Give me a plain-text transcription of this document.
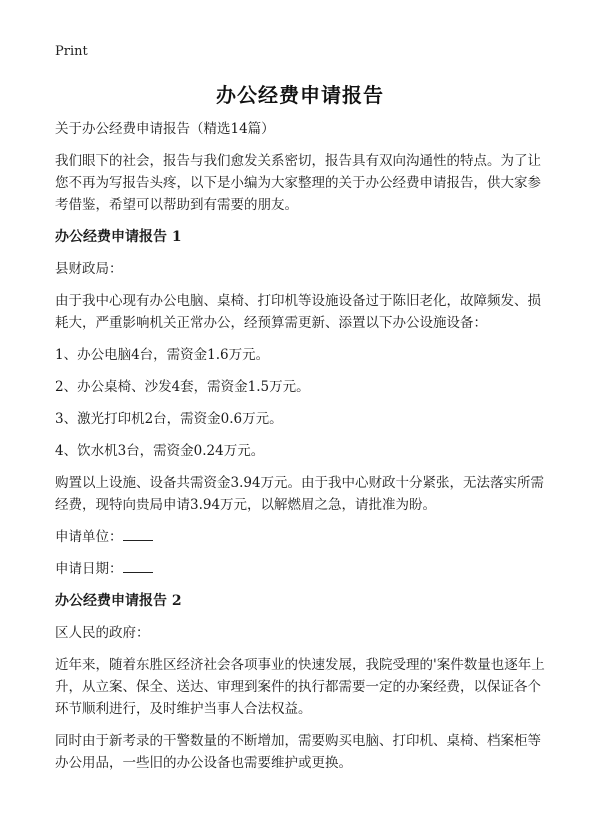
Print
办公经费申请报告

关于办公经费申请报告（精选14篇）

我们眼下的社会，报告与我们愈发关系密切，报告具有双向沟通性的特点。为了让您不再为写报告头疼，以下是小编为大家整理的关于办公经费申请报告，供大家参考借鉴，希望可以帮助到有需要的朋友。

办公经费申请报告 1

县财政局：

由于我中心现有办公电脑、桌椅、打印机等设施设备过于陈旧老化，故障频发、损耗大，严重影响机关正常办公，经预算需更新、添置以下办公设施设备：

1、办公电脑4台，需资金1.6万元。

2、办公桌椅、沙发4套，需资金1.5万元。

3、激光打印机2台，需资金0.6万元。

4、饮水机3台，需资金0.24万元。

购置以上设施、设备共需资金3.94万元。由于我中心财政十分紧张，无法落实所需经费，现特向贵局申请3.94万元，以解燃眉之急，请批准为盼。

申请单位：

申请日期：

办公经费申请报告 2

区人民的政府：

近年来，随着东胜区经济社会各项事业的快速发展，我院受理的'案件数量也逐年上升，从立案、保全、送达、审理到案件的执行都需要一定的办案经费，以保证各个环节顺利进行，及时维护当事人合法权益。

同时由于新考录的干警数量的不断增加，需要购买电脑、打印机、桌椅、档案柜等办公用品，一些旧的办公设备也需要维护或更换。
